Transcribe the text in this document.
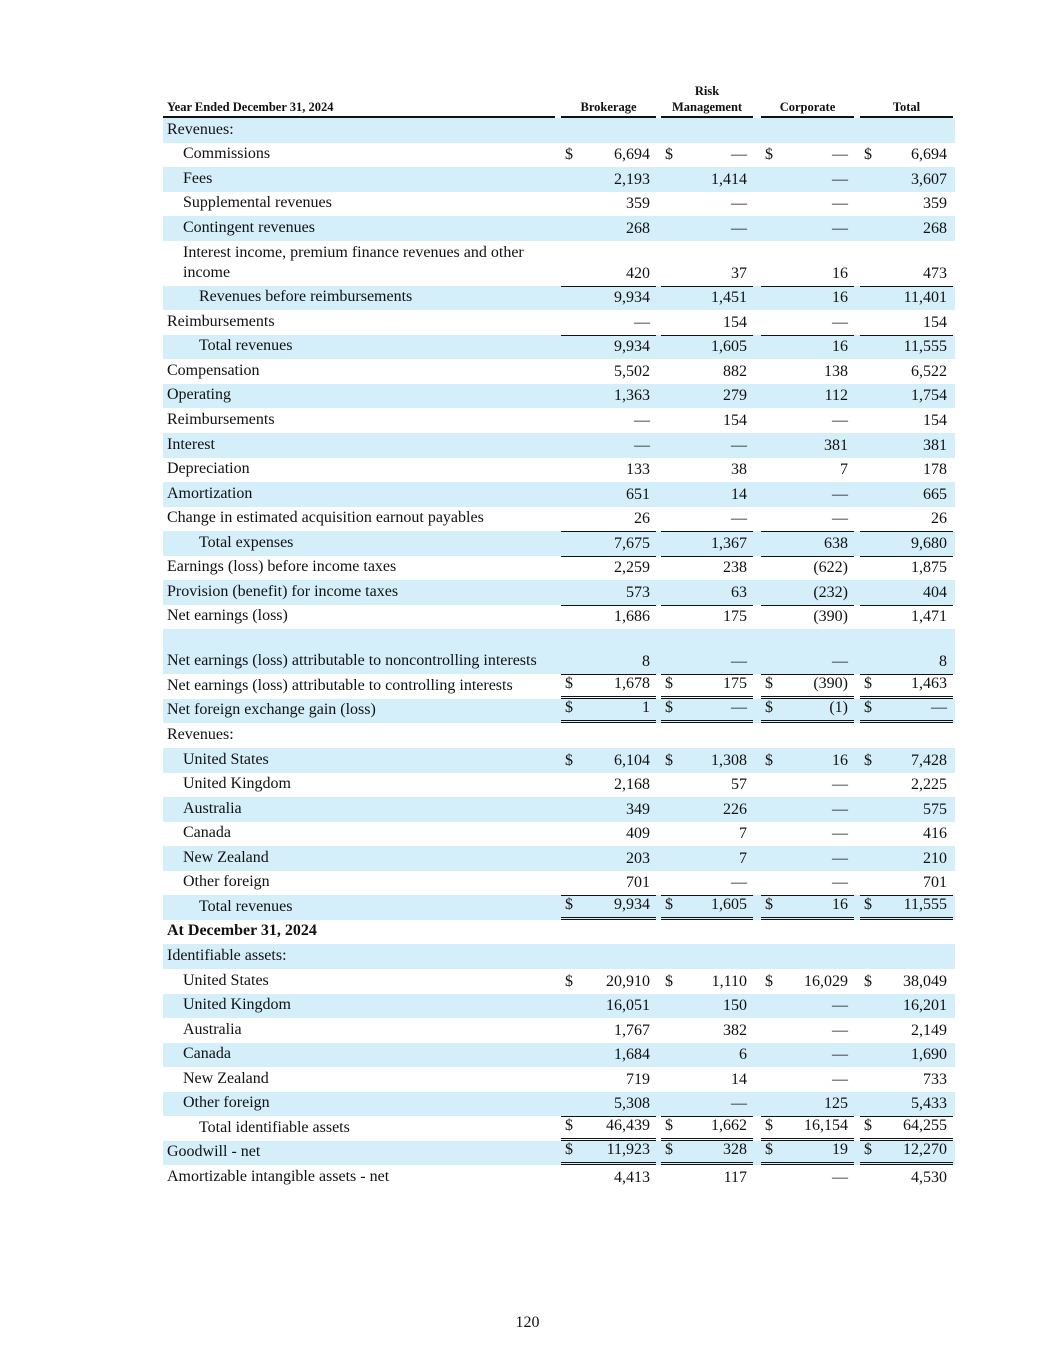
Year Ended December 31, 2024	Brokerage
Risk
Management	Corporate	Total
Revenues:
Commissions	$	6,694 $	— $	— $ 6,694
Fees	2,193	1,414	—	3,607
Supplemental revenues	359	—	—	359
Contingent revenues	268	—	—	268
Interest income, premium finance revenues and other income	420	37	16	473
Revenues before reimbursements	9,934	1,451	16	11,401
Reimbursements	—	154	—	154
Total revenues	9,934	1,605	16	11,555
Compensation	5,502	882	138	6,522
Operating	1,363	279	112	1,754
Reimbursements	—	154	—	154
Interest	—	—	381	381
Depreciation	133	38	7	178
Amortization	651	14	—	665
Change in estimated acquisition earnout payables	26	—	—	26
Total expenses	7,675	1,367	638	9,680
Earnings (loss) before income taxes	2,259	238	(622)	1,875
Provision (benefit) for income taxes	573	63	(232)	404
Net earnings (loss)	1,686	175	(390)	1,471
Net earnings (loss) attributable to noncontrolling interests	8	—	—	8
Net earnings (loss) attributable to controlling interests	$	1,678 $	175 $	(390) $ 1,463
Net foreign exchange gain (loss)	$	1 $	— $	(1) $	—
Revenues:
United States	$	6,104 $ 1,308 $	16 $ 7,428
United Kingdom	2,168	57	—	2,225
Australia	349	226	—	575
Canada	409	7	—	416
New Zealand	203	7	—	210
Other foreign	701	—	—	701
Total revenues	$	9,934 $ 1,605 $	16 $ 11,555
At December 31, 2024
Identifiable assets:
United States	$ 20,910 $ 1,110 $ 16,029 $ 38,049
United Kingdom	16,051	150	—	16,201
Australia	1,767	382	—	2,149
Canada	1,684	6	—	1,690
New Zealand	719	14	—	733
Other foreign	5,308	—	125	5,433
Total identifiable assets	$ 46,439 $ 1,662 $ 16,154 $ 64,255
Goodwill - net	$ 11,923 $	328 $	19 $ 12,270
Amortizable intangible assets - net	4,413	117	—	4,530
120
